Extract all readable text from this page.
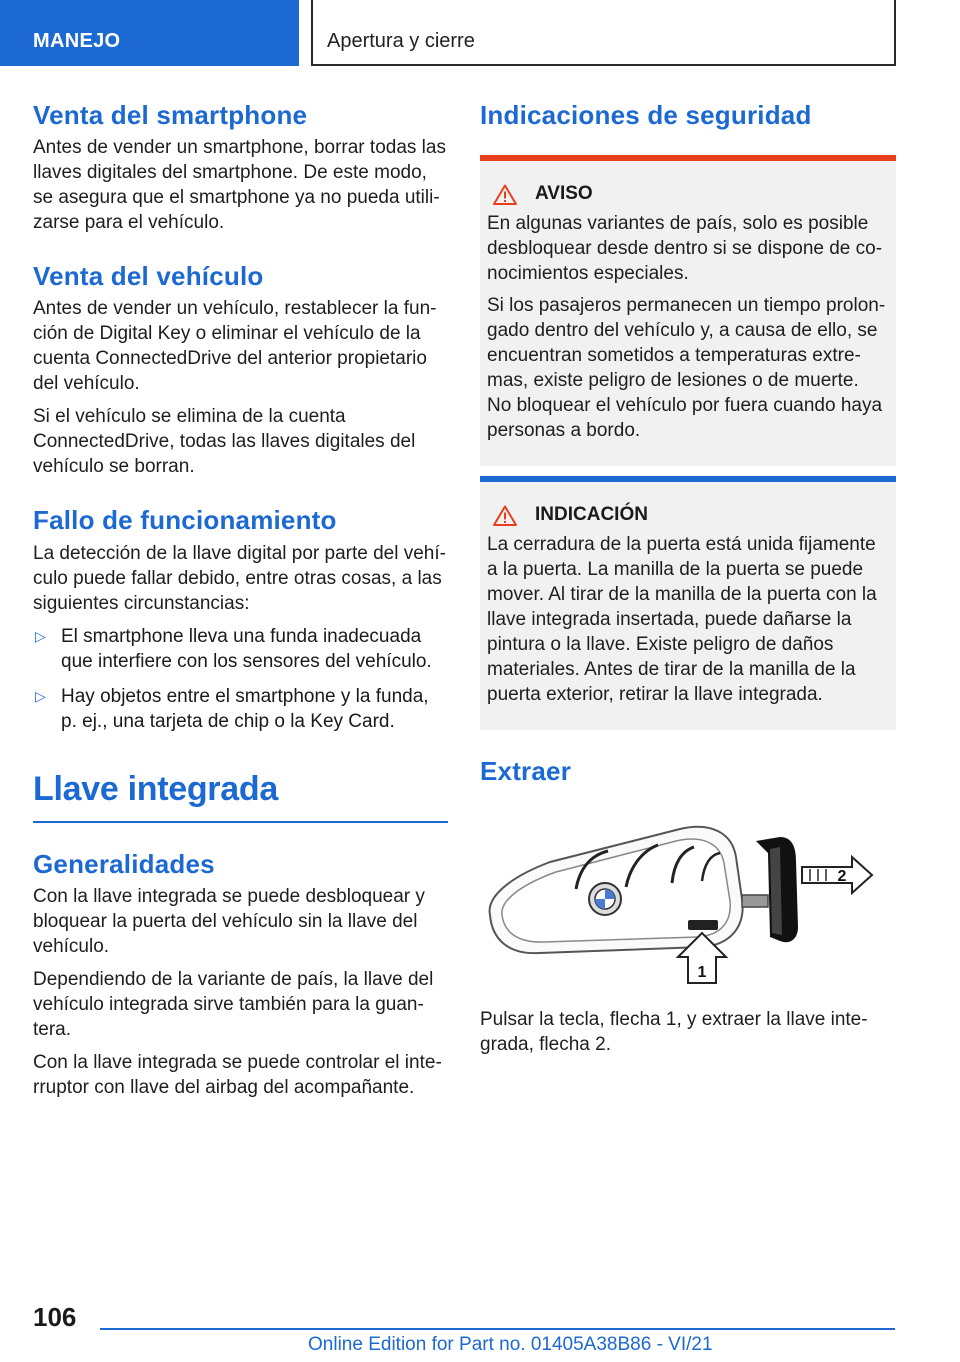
MANEJO	Apertura y cierre
Venta del smartphone

Antes de vender un smartphone, borrar todas las llaves digitales del smartphone. De este modo, se asegura que el smartphone ya no pueda utilizarse para el vehículo.

Venta del vehículo

Antes de vender un vehículo, restablecer la función de Digital Key o eliminar el vehículo de la cuenta ConnectedDrive del anterior propietario del vehículo.

Si el vehículo se elimina de la cuenta ConnectedDrive, todas las llaves digitales del vehículo se borran.

Fallo de funcionamiento

La detección de la llave digital por parte del vehículo puede fallar debido, entre otras cosas, a las siguientes circunstancias:

▷ El smartphone lleva una funda inadecuada que interfiere con los sensores del vehículo.
▷ Hay objetos entre el smartphone y la funda, p. ej., una tarjeta de chip o la Key Card.
Llave integrada
Generalidades

Con la llave integrada se puede desbloquear y bloquear la puerta del vehículo sin la llave del vehículo.

Dependiendo de la variante de país, la llave del vehículo integrada sirve también para la guantera.

Con la llave integrada se puede controlar el interruptor con llave del airbag del acompañante.

Indicaciones de seguridad
AVISO

En algunas variantes de país, solo es posible desbloquear desde dentro si se dispone de conocimientos especiales.

Si los pasajeros permanecen un tiempo prolongado dentro del vehículo y, a causa de ello, se encuentran sometidos a temperaturas extremas, existe peligro de lesiones o de muerte. No bloquear el vehículo por fuera cuando haya personas a bordo.

INDICACIÓN

La cerradura de la puerta está unida fijamente a la puerta. La manilla de la puerta se puede mover. Al tirar de la manilla de la puerta con la llave integrada insertada, puede dañarse la pintura o la llave. Existe peligro de daños materiales. Antes de tirar de la manilla de la puerta exterior, retirar la llave integrada.

Extraer
2
1

Pulsar la tecla, flecha 1, y extraer la llave integrada, flecha 2.

106
Online Edition for Part no. 01405A38B86 - VI/21
